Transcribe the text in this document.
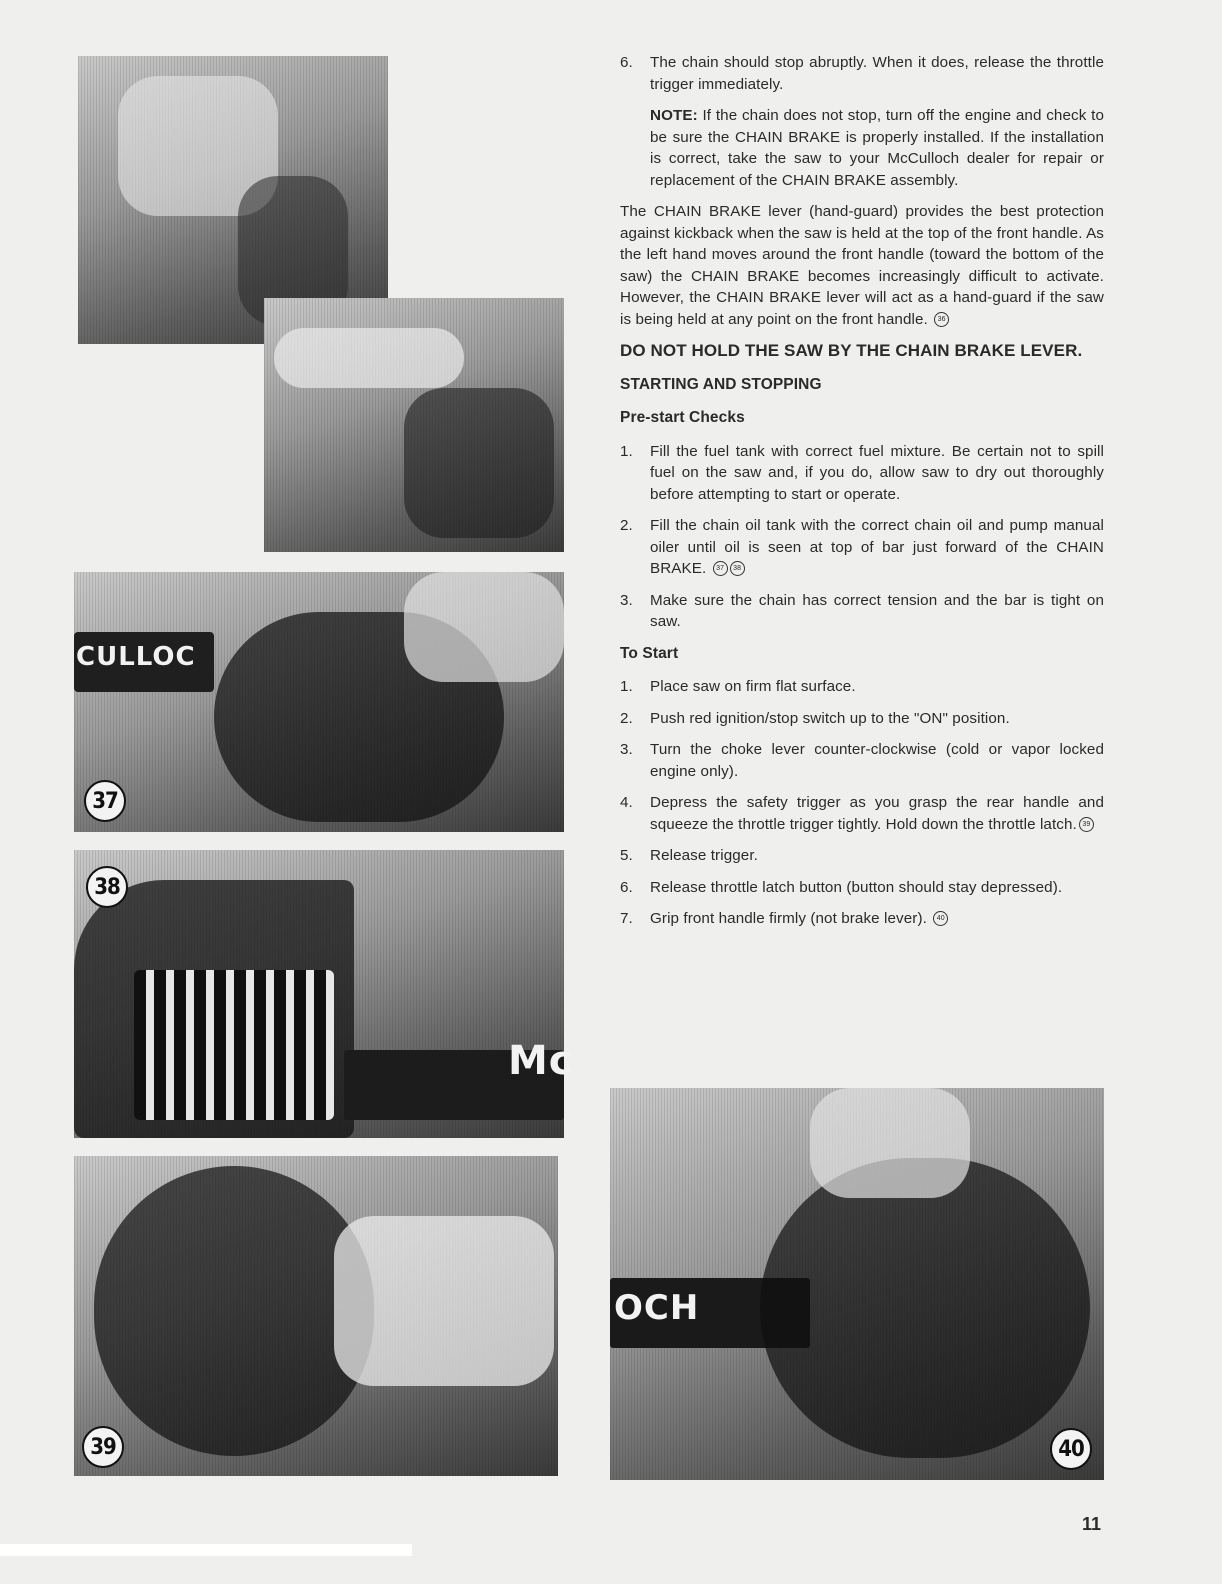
CULLOC
37
Mc
38
39
OCH
40
6.	The chain should stop abruptly. When it does, release the throttle trigger immediately.

NOTE: If the chain does not stop, turn off the engine and check to be sure the CHAIN BRAKE is properly installed. If the installation is correct, take the saw to your McCulloch dealer for repair or replacement of the CHAIN BRAKE assembly.

The CHAIN BRAKE lever (hand-guard) provides the best protection against kickback when the saw is held at the top of the front handle. As the left hand moves around the front handle (toward the bottom of the saw) the CHAIN BRAKE becomes increasingly difficult to activate. However, the CHAIN BRAKE lever will act as a hand-guard if the saw is being held at any point on the front handle. 36

DO NOT HOLD THE SAW BY THE CHAIN BRAKE LEVER.
STARTING AND STOPPING
Pre-start Checks
1.	Fill the fuel tank with correct fuel mixture. Be certain not to spill fuel on the saw and, if you do, allow saw to dry out thoroughly before attempting to start or operate.
2.	Fill the chain oil tank with the correct chain oil and pump manual oiler until oil is seen at top of bar just forward of the CHAIN BRAKE. 37 38
3.	Make sure the chain has correct tension and the bar is tight on saw.
To Start
1.	Place saw on firm flat surface.
2.	Push red ignition/stop switch up to the "ON" position.
3.	Turn the choke lever counter-clockwise (cold or vapor locked engine only).
4.	Depress the safety trigger as you grasp the rear handle and squeeze the throttle trigger tightly. Hold down the throttle latch. 39
5.	Release trigger.
6.	Release throttle latch button (button should stay depressed).
7.	Grip front handle firmly (not brake lever). 40
11
